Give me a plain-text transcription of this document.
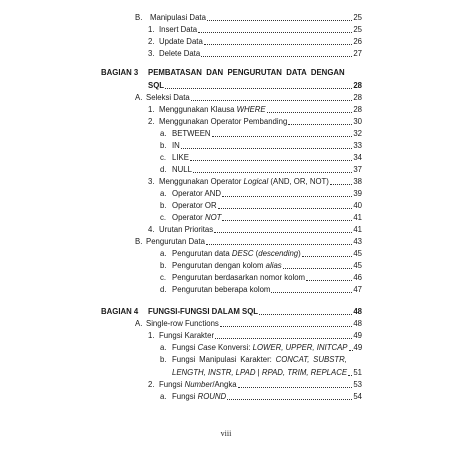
B. Manipulasi Data	25
1. Insert Data	25
2. Update Data	26
3. Delete Data	27
BAGIAN 3 PEMBATASAN DAN PENGURUTAN DATA DENGAN
SQL	28
A. Seleksi Data	28
1. Menggunakan Klausa WHERE	28
2. Menggunakan Operator Pembanding	30
a. BETWEEN	32
b. IN	33
c. LIKE	34
d. NULL	37
3. Menggunakan Operator Logical (AND, OR, NOT)	38
a. Operator AND	39
b. Operator OR	40
c. Operator NOT	41
4. Urutan Prioritas	41
B. Pengurutan Data	43
a. Pengurutan data DESC (descending)	45
b. Pengurutan dengan kolom alias	45
c. Pengurutan berdasarkan nomor kolom	46
d. Pengurutan beberapa kolom	47
BAGIAN 4 FUNGSI-FUNGSI DALAM SQL	48
A. Single-row Functions	48
1. Fungsi Karakter	49
a. Fungsi Case Konversi: LOWER, UPPER, INITCAP 49
b. Fungsi Manipulasi Karakter: CONCAT, SUBSTR,
LENGTH, INSTR, LPAD | RPAD, TRIM, REPLACE 51
2. Fungsi Number/Angka	53
a. Fungsi ROUND	54
viii
